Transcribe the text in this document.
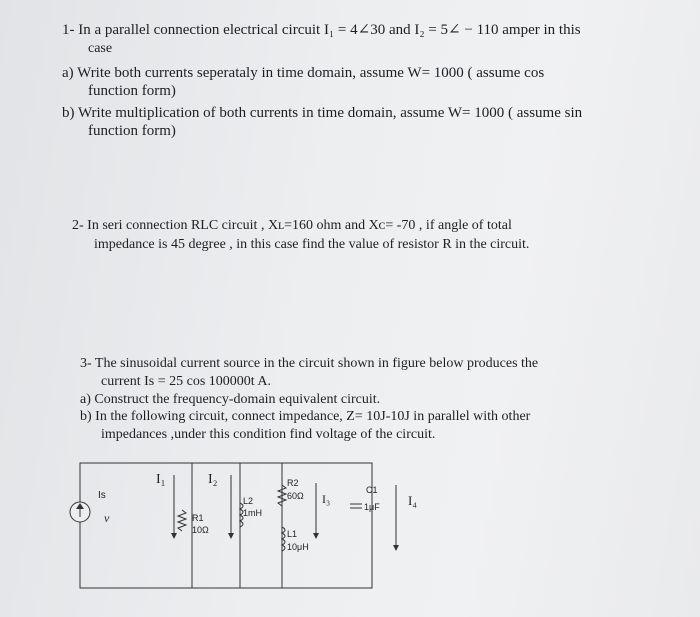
1- In a parallel connection electrical circuit I₁ = 4∠30 and I₂ = 5∠ − 110 amper in this
case
a) Write both currents seperataly in time domain, assume W= 1000 ( assume cos
function form)
b) Write multiplication of both currents in time domain, assume W= 1000 ( assume sin
function form)
2- In seri connection RLC circuit , Xʟ=160 ohm and Xᴄ= -70 , if angle of total
impedance is 45 degree , in this case find the value of resistor R in the circuit.
3- The sinusoidal current source in the circuit shown in figure below produces the
current Is = 25 cos 100000t A.
a) Construct the frequency-domain equivalent circuit.
b) In the following circuit, connect impedance, Z= 10J-10J in parallel with other
impedances ,under this condition find voltage of the circuit.
Is
v
I₁	I₂
I₃	I₄
R1
10Ω
L2
1mH
R2
60Ω
L1
10μH
C1
1μF
